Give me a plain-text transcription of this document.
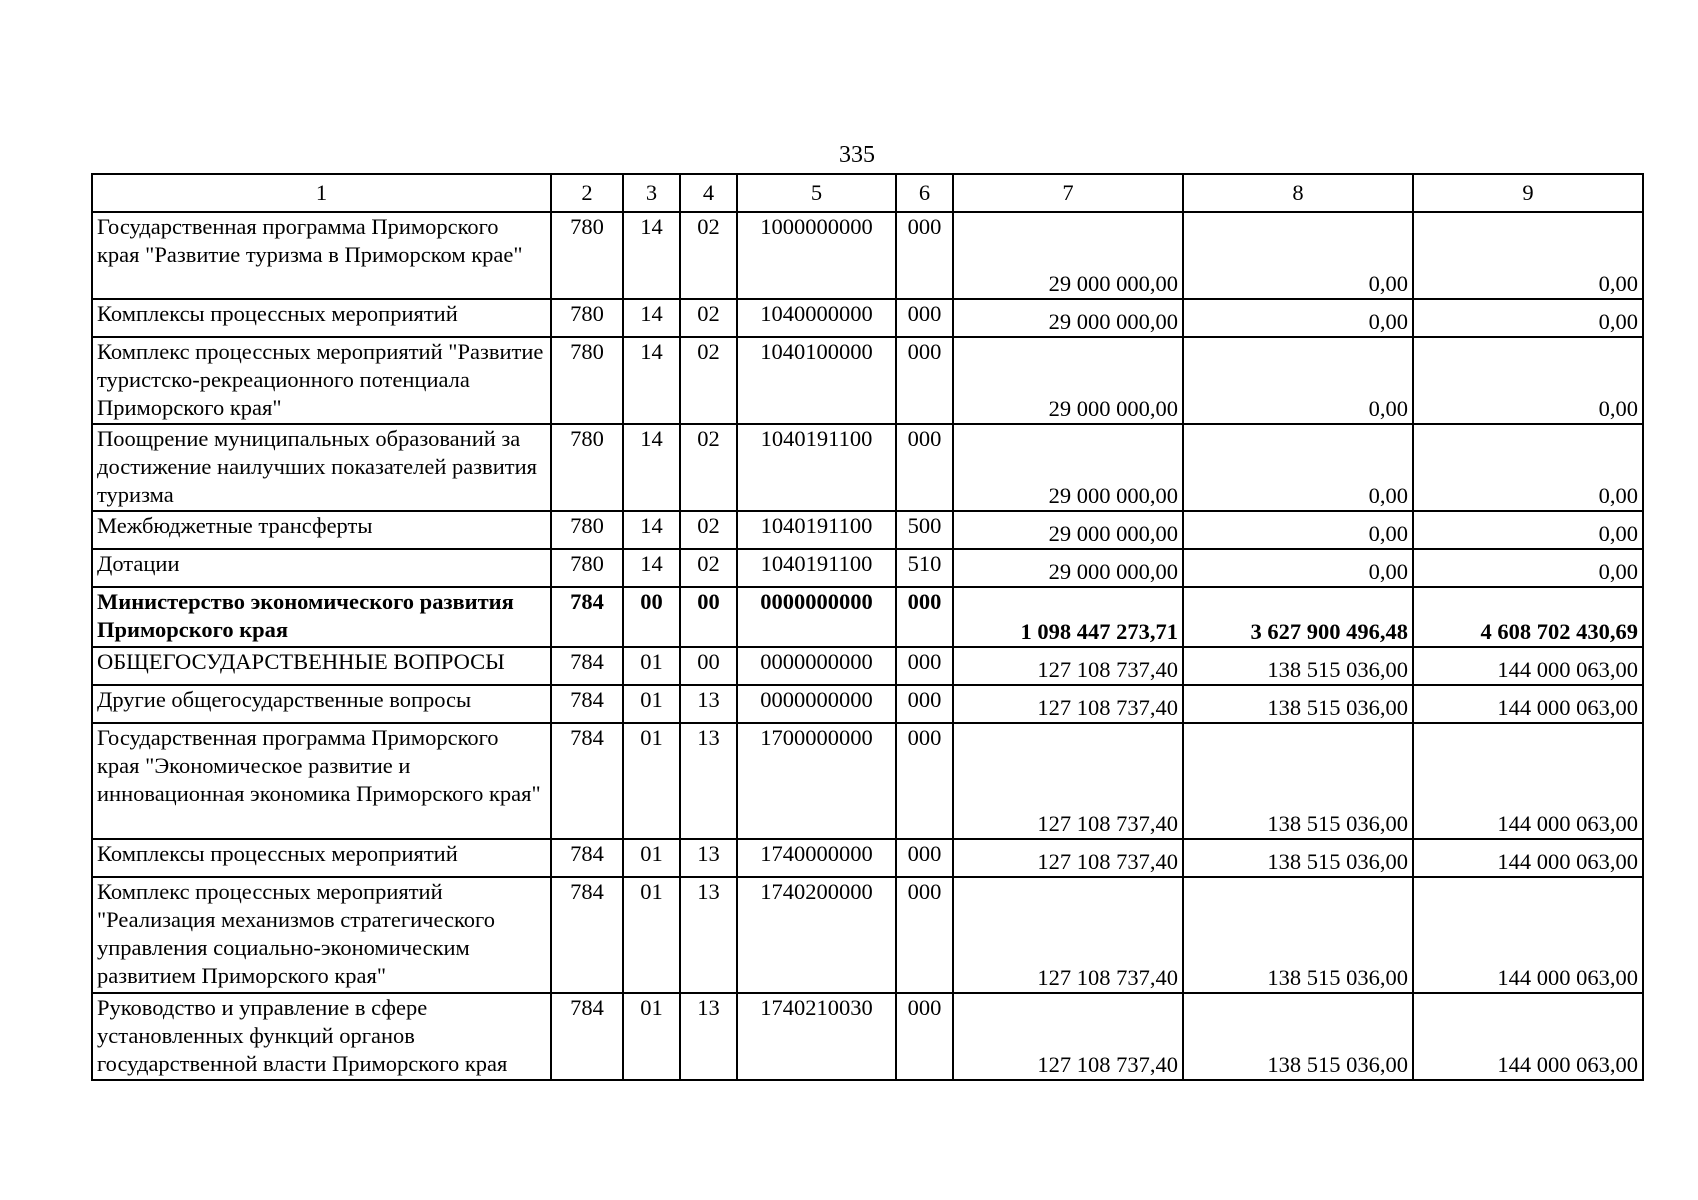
335
1	2	3	4	5	6	7	8	9
Государственная программа Приморского края "Развитие туризма в Приморском крае"	780	14	02	1000000000	000	29 000 000,00	0,00	0,00
Комплексы процессных мероприятий	780	14	02	1040000000	000	29 000 000,00	0,00	0,00
Комплекс процессных мероприятий "Развитие туристско-рекреационного потенциала Приморского края"	780	14	02	1040100000	000	29 000 000,00	0,00	0,00
Поощрение муниципальных образований за достижение наилучших показателей развития туризма	780	14	02	1040191100	000	29 000 000,00	0,00	0,00
Межбюджетные трансферты	780	14	02	1040191100	500	29 000 000,00	0,00	0,00
Дотации	780	14	02	1040191100	510	29 000 000,00	0,00	0,00
Министерство экономического развития Приморского края	784	00	00	0000000000	000	1 098 447 273,71	3 627 900 496,48	4 608 702 430,69
ОБЩЕГОСУДАРСТВЕННЫЕ ВОПРОСЫ	784	01	00	0000000000	000	127 108 737,40	138 515 036,00	144 000 063,00
Другие общегосударственные вопросы	784	01	13	0000000000	000	127 108 737,40	138 515 036,00	144 000 063,00
Государственная программа Приморского края "Экономическое развитие и инновационная экономика Приморского края"	784	01	13	1700000000	000	127 108 737,40	138 515 036,00	144 000 063,00
Комплексы процессных мероприятий	784	01	13	1740000000	000	127 108 737,40	138 515 036,00	144 000 063,00
Комплекс процессных мероприятий "Реализация механизмов стратегического управления социально-экономическим развитием Приморского края"	784	01	13	1740200000	000	127 108 737,40	138 515 036,00	144 000 063,00
Руководство и управление в сфере установленных функций органов государственной власти Приморского края	784	01	13	1740210030	000	127 108 737,40	138 515 036,00	144 000 063,00
